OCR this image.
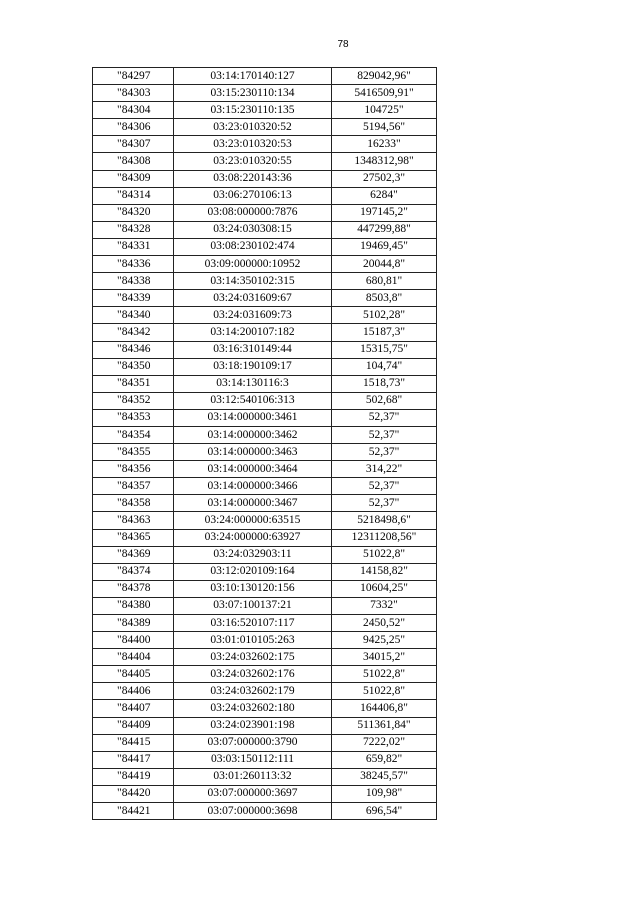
78
"84297	03:14:170140:127	829042,96"
"84303	03:15:230110:134	5416509,91"
"84304	03:15:230110:135	104725"
"84306	03:23:010320:52	5194,56"
"84307	03:23:010320:53	16233"
"84308	03:23:010320:55	1348312,98"
"84309	03:08:220143:36	27502,3"
"84314	03:06:270106:13	6284"
"84320	03:08:000000:7876	197145,2"
"84328	03:24:030308:15	447299,88"
"84331	03:08:230102:474	19469,45"
"84336	03:09:000000:10952	20044,8"
"84338	03:14:350102:315	680,81"
"84339	03:24:031609:67	8503,8"
"84340	03:24:031609:73	5102,28"
"84342	03:14:200107:182	15187,3"
"84346	03:16:310149:44	15315,75"
"84350	03:18:190109:17	104,74"
"84351	03:14:130116:3	1518,73"
"84352	03:12:540106:313	502,68"
"84353	03:14:000000:3461	52,37"
"84354	03:14:000000:3462	52,37"
"84355	03:14:000000:3463	52,37"
"84356	03:14:000000:3464	314,22"
"84357	03:14:000000:3466	52,37"
"84358	03:14:000000:3467	52,37"
"84363	03:24:000000:63515	5218498,6"
"84365	03:24:000000:63927	12311208,56"
"84369	03:24:032903:11	51022,8"
"84374	03:12:020109:164	14158,82"
"84378	03:10:130120:156	10604,25"
"84380	03:07:100137:21	7332"
"84389	03:16:520107:117	2450,52"
"84400	03:01:010105:263	9425,25"
"84404	03:24:032602:175	34015,2"
"84405	03:24:032602:176	51022,8"
"84406	03:24:032602:179	51022,8"
"84407	03:24:032602:180	164406,8"
"84409	03:24:023901:198	511361,84"
"84415	03:07:000000:3790	7222,02"
"84417	03:03:150112:111	659,82"
"84419	03:01:260113:32	38245,57"
"84420	03:07:000000:3697	109,98"
"84421	03:07:000000:3698	696,54"
